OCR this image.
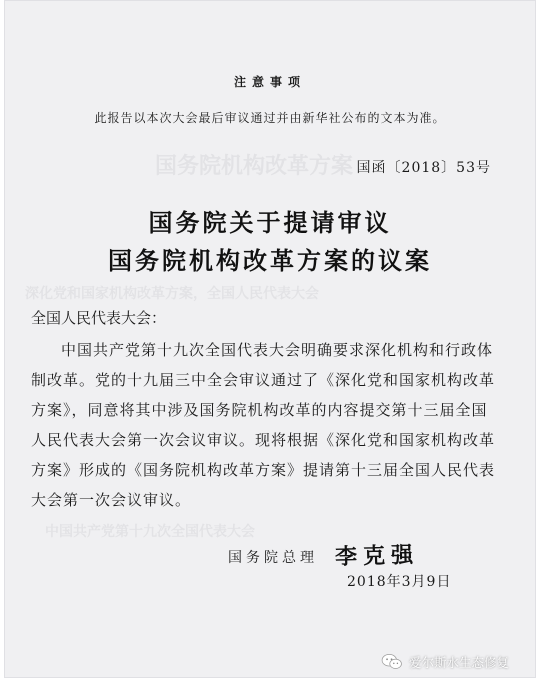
国务院机构改革方案
深化党和国家机构改革方案，全国人民代表大会
中国共产党第十九次全国代表大会
注意事项
此报告以本次大会最后审议通过并由新华社公布的文本为准。
国函〔2018〕53号
国务院关于提请审议
国务院机构改革方案的议案
全国人民代表大会：
中国共产党第十九次全国代表大会明确要求深化机构和行政体制改革。党的十九届三中全会审议通过了《深化党和国家机构改革方案》，同意将其中涉及国务院机构改革的内容提交第十三届全国人民代表大会第一次会议审议。现将根据《深化党和国家机构改革方案》形成的《国务院机构改革方案》提请第十三届全国人民代表大会第一次会议审议。
国务院总理 李克强
2018年3月9日
爱尔斯水生态修复
